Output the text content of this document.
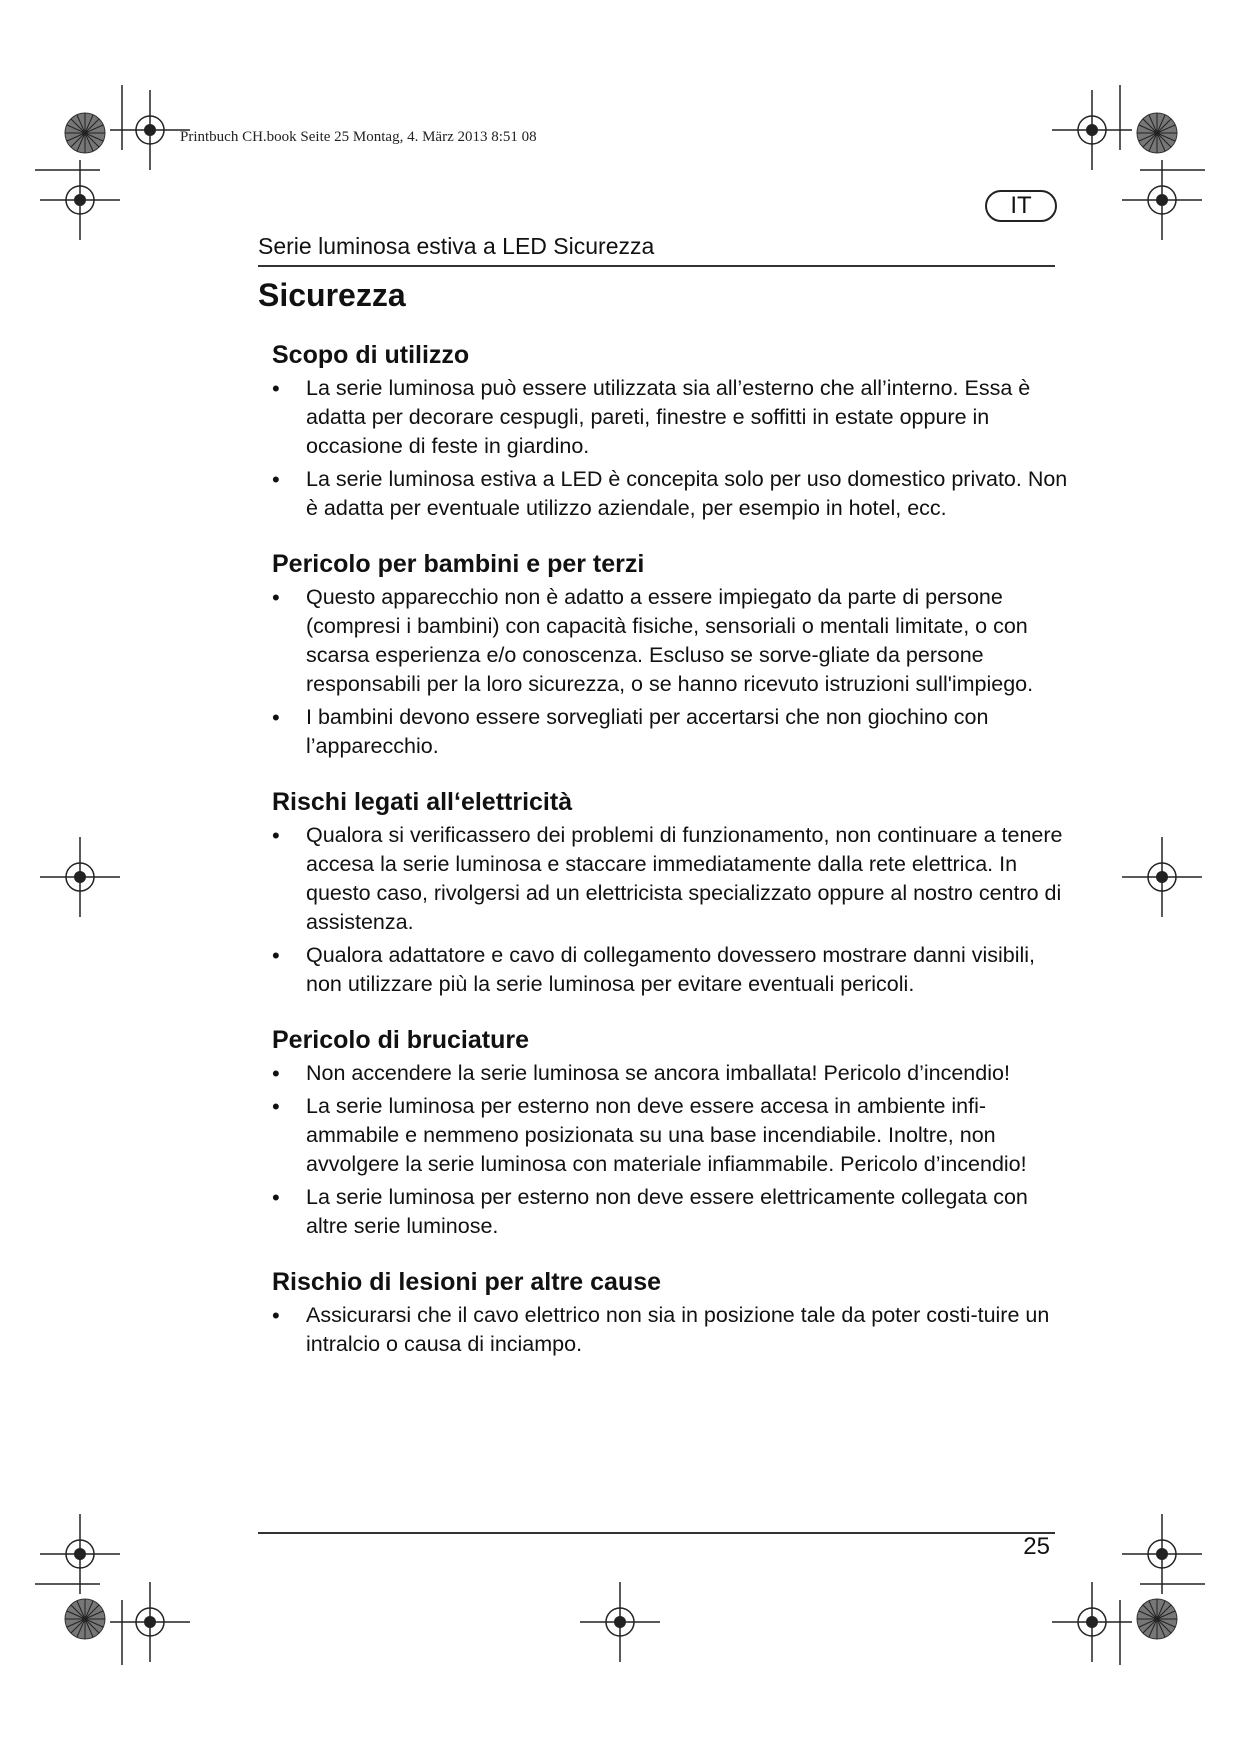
Printbuch CH.book Seite 25 Montag, 4. März 2013 8:51 08
IT
Serie luminosa estiva a LED Sicurezza
Sicurezza
Scopo di utilizzo
• La serie luminosa può essere utilizzata sia all’esterno che all’interno. Essa è adatta per decorare cespugli, pareti, finestre e soffitti in estate oppure in occasione di feste in giardino.
• La serie luminosa estiva a LED è concepita solo per uso domestico privato. Non è adatta per eventuale utilizzo aziendale, per esempio in hotel, ecc.
Pericolo per bambini e per terzi
• Questo apparecchio non è adatto a essere impiegato da parte di persone (compresi i bambini) con capacità fisiche, sensoriali o mentali limitate, o con scarsa esperienza e/o conoscenza. Escluso se sorve-gliate da persone responsabili per la loro sicurezza, o se hanno ricevuto istruzioni sull'impiego.
• I bambini devono essere sorvegliati per accertarsi che non giochino con l’apparecchio.
Rischi legati all‘elettricità
• Qualora si verificassero dei problemi di funzionamento, non continuare a tenere accesa la serie luminosa e staccare immediatamente dalla rete elettrica. In questo caso, rivolgersi ad un elettricista specializzato oppure al nostro centro di assistenza.
• Qualora adattatore e cavo di collegamento dovessero mostrare danni visibili, non utilizzare più la serie luminosa per evitare eventuali pericoli.
Pericolo di bruciature
• Non accendere la serie luminosa se ancora imballata! Pericolo d’incendio!
• La serie luminosa per esterno non deve essere accesa in ambiente infi-ammabile e nemmeno posizionata su una base incendiabile. Inoltre, non avvolgere la serie luminosa con materiale infiammabile. Pericolo d’incendio!
• La serie luminosa per esterno non deve essere elettricamente collegata con altre serie luminose.
Rischio di lesioni per altre cause
• Assicurarsi che il cavo elettrico non sia in posizione tale da poter costi-tuire un intralcio o causa di inciampo.
25
